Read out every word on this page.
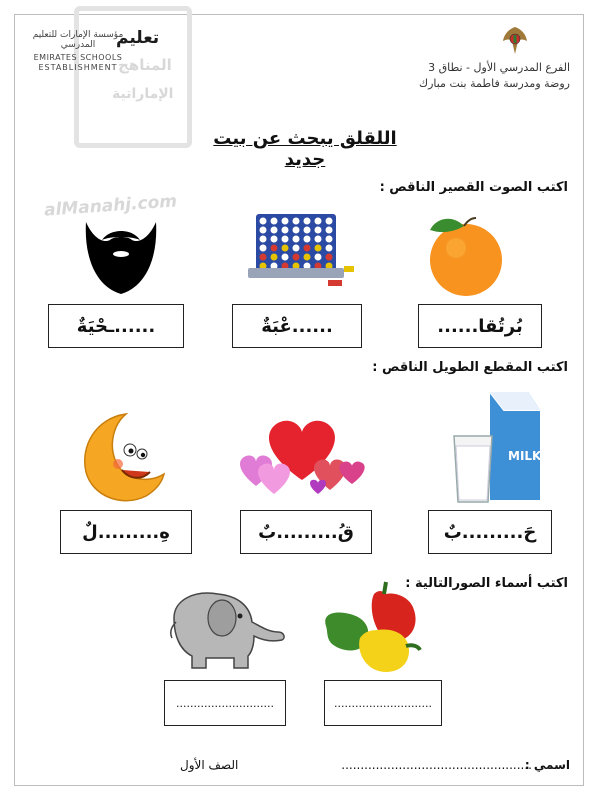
المناهج
الإماراتية
alManahj.com
تعليم
مؤسسة الإمارات للتعليم المدرسي
EMIRATES SCHOOLS
ESTABLISHMENT	الفرع المدرسي الأول - نطاق 3
روضة ومدرسة فاطمة بنت مبارك
اللقلق يبحث عن بيت جديد
اكتب الصوت القصير الناقص :
بُرتُقا......
......عْبَةٌ
......ـحْيَةٌ
اكتب المقطع الطويل الناقص :
MILK
حَ.........بٌ
قُ.........بٌ
هِ.........لٌ
اكتب أسماء الصورالتالية :
............................
............................
اسمي :
..................................................
الصف الأول
